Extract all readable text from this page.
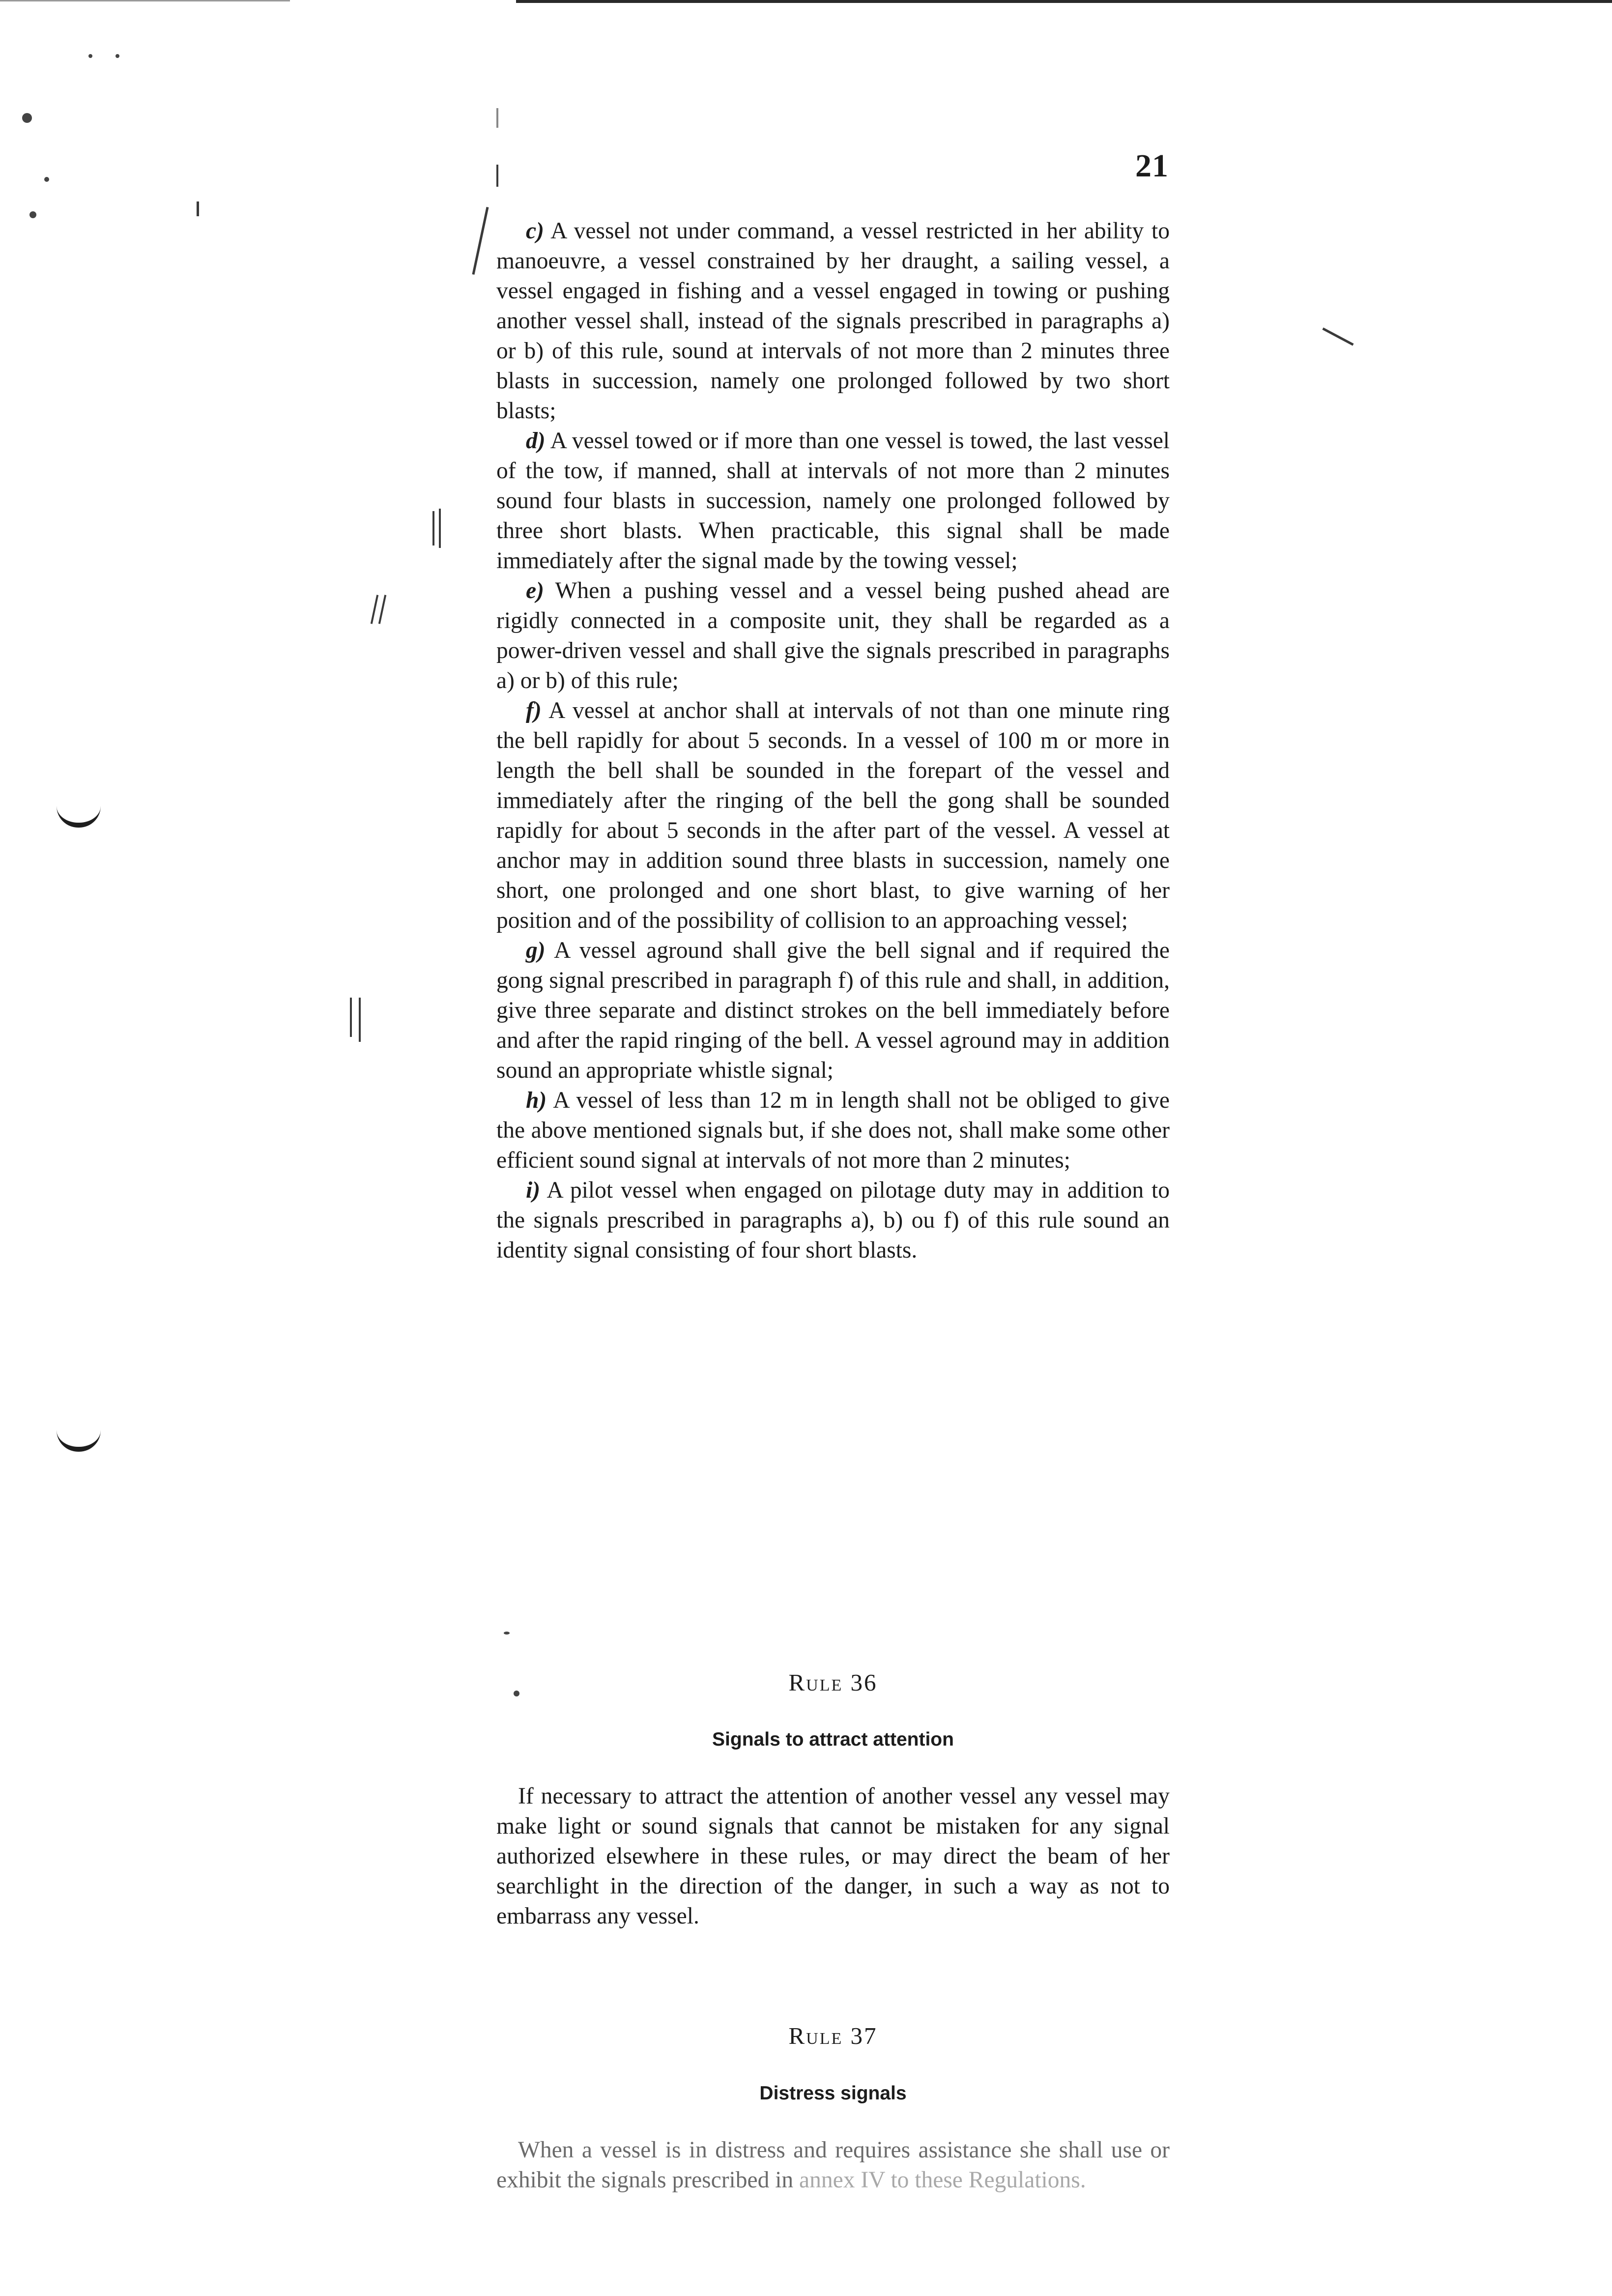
21

c) A vessel not under command, a vessel restricted in her ability to manoeuvre, a vessel constrained by her draught, a sailing vessel, a vessel engaged in fishing and a vessel engaged in towing or pushing another vessel shall, instead of the signals prescribed in paragraphs a) or b) of this rule, sound at intervals of not more than 2 minutes three blasts in succession, namely one prolonged followed by two short blasts;

d) A vessel towed or if more than one vessel is towed, the last vessel of the tow, if manned, shall at intervals of not more than 2 minutes sound four blasts in succession, namely one prolonged followed by three short blasts. When practicable, this signal shall be made immediately after the signal made by the towing vessel;

e) When a pushing vessel and a vessel being pushed ahead are rigidly connected in a composite unit, they shall be regarded as a power-driven vessel and shall give the signals prescribed in paragraphs a) or b) of this rule;

f) A vessel at anchor shall at intervals of not than one minute ring the bell rapidly for about 5 seconds. In a vessel of 100 m or more in length the bell shall be sounded in the forepart of the vessel and immediately after the ringing of the bell the gong shall be sounded rapidly for about 5 seconds in the after part of the vessel. A vessel at anchor may in addition sound three blasts in succession, namely one short, one prolonged and one short blast, to give warning of her position and of the possibility of collision to an approaching vessel;

g) A vessel aground shall give the bell signal and if required the gong signal prescribed in paragraph f) of this rule and shall, in addition, give three separate and distinct strokes on the bell immediately before and after the rapid ringing of the bell. A vessel aground may in addition sound an appropriate whistle signal;

h) A vessel of less than 12 m in length shall not be obliged to give the above mentioned signals but, if she does not, shall make some other efficient sound signal at intervals of not more than 2 minutes;

i) A pilot vessel when engaged on pilotage duty may in addition to the signals prescribed in paragraphs a), b) ou f) of this rule sound an identity signal consisting of four short blasts.

Rule 36

Signals to attract attention

If necessary to attract the attention of another vessel any vessel may make light or sound signals that cannot be mistaken for any signal authorized elsewhere in these rules, or may direct the beam of her searchlight in the direction of the danger, in such a way as not to embarrass any vessel.

Rule 37

Distress signals

When a vessel is in distress and requires assistance she shall use or exhibit the signals prescribed in annex IV to these Regulations.
